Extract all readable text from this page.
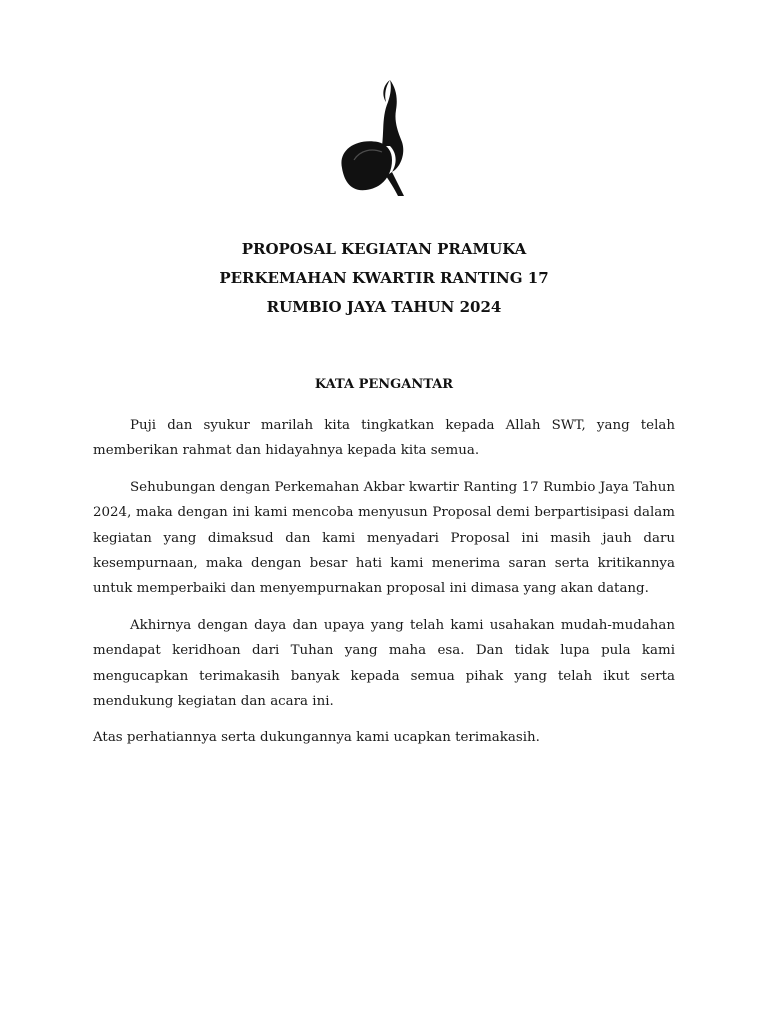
PROPOSAL KEGIATAN PRAMUKA

PERKEMAHAN KWARTIR RANTING 17

RUMBIO JAYA TAHUN 2024

KATA PENGANTAR

Puji dan syukur marilah kita tingkatkan kepada Allah SWT, yang telah memberikan rahmat dan hidayahnya kepada kita semua.

Sehubungan dengan Perkemahan Akbar kwartir Ranting 17 Rumbio Jaya Tahun 2024, maka dengan ini kami mencoba menyusun Proposal demi berpartisipasi dalam kegiatan yang dimaksud dan kami menyadari Proposal ini masih jauh daru kesempurnaan, maka dengan besar hati kami menerima saran serta kritikannya untuk memperbaiki dan menyempurnakan proposal ini dimasa yang akan datang.

Akhirnya dengan daya dan upaya yang telah kami usahakan mudah-mudahan mendapat keridhoan dari Tuhan yang maha esa. Dan tidak lupa pula kami mengucapkan terimakasih banyak kepada semua pihak yang telah ikut serta mendukung kegiatan dan acara ini.

Atas perhatiannya serta dukungannya kami ucapkan terimakasih.
